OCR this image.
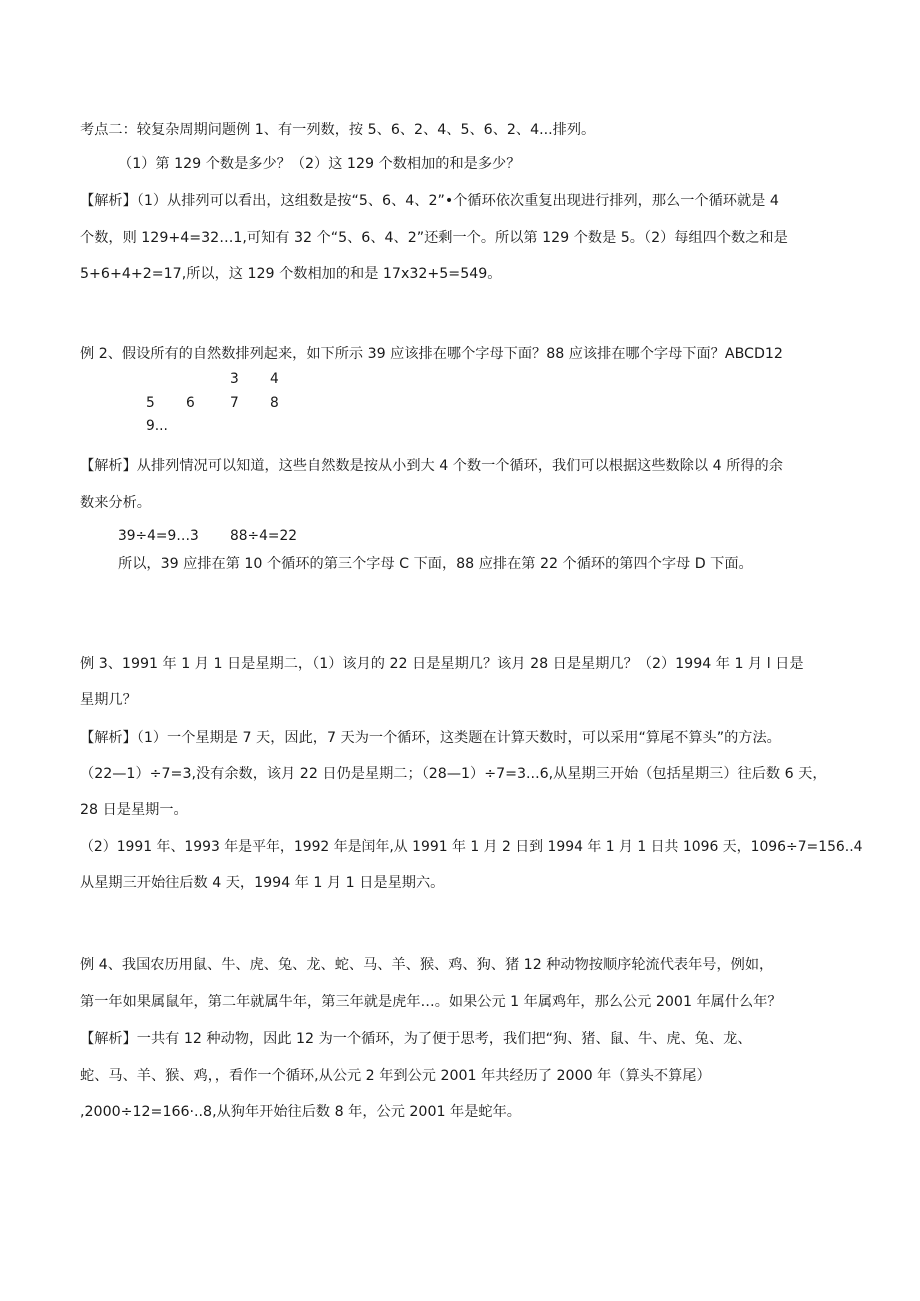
考点二：较复杂周期问题例 1、有一列数，按 5、6、2、4、5、6、2、4...排列。
（1）第 129 个数是多少？（2）这 129 个数相加的和是多少？
【解析】（1）从排列可以看出，这组数是按“5、6、4、2”•个循环依次重复出现进行排列，那么一个循环就是 4
个数，则 129+4=32…1,可知有 32 个“5、6、4、2”还剩一个。所以第 129 个数是 5。（2）每组四个数之和是
5+6+4+2=17,所以，这 129 个数相加的和是 17x32+5=549。
例 2、假设所有的自然数排列起来，如下所示 39 应该排在哪个字母下面？88 应该排在哪个字母下面？ABCD12
3 4
5 6	7 8
9...
【解析】从排列情况可以知道，这些自然数是按从小到大 4 个数一个循环，我们可以根据这些数除以 4 所得的余
数来分析。
39÷4=9…3 88÷4=22
所以，39 应排在第 10 个循环的第三个字母 C 下面，88 应排在第 22 个循环的第四个字母 D 下面。
例 3、1991 年 1 月 1 日是星期二，（1）该月的 22 日是星期几？该月 28 日是星期几？（2）1994 年 1 月 l 日是
星期几？
【解析】（1）一个星期是 7 天，因此，7 天为一个循环，这类题在计算天数时，可以采用“算尾不算头”的方法。
（22—1）÷7=3,没有余数，该月 22 日仍是星期二；（28—1）÷7=3...6,从星期三开始（包括星期三）往后数 6 天，
28 日是星期一。
（2）1991 年、1993 年是平年，1992 年是闰年,从 1991 年 1 月 2 日到 1994 年 1 月 1 日共 1096 天，1096÷7=156..4
从星期三开始往后数 4 天，1994 年 1 月 1 日是星期六。
例 4、我国农历用鼠、牛、虎、兔、龙、蛇、马、羊、猴、鸡、狗、猪 12 种动物按顺序轮流代表年号，例如，
第一年如果属鼠年，第二年就属牛年，第三年就是虎年…。如果公元 1 年属鸡年，那么公元 2001 年属什么年？
【解析】一共有 12 种动物，因此 12 为一个循环，为了便于思考，我们把“狗、猪、鼠、牛、虎、兔、龙、
蛇、马、羊、猴、鸡，，看作一个循环,从公元 2 年到公元 2001 年共经历了 2000 年（算头不算尾）
,2000÷12=166·..8,从狗年开始往后数 8 年，公元 2001 年是蛇年。
